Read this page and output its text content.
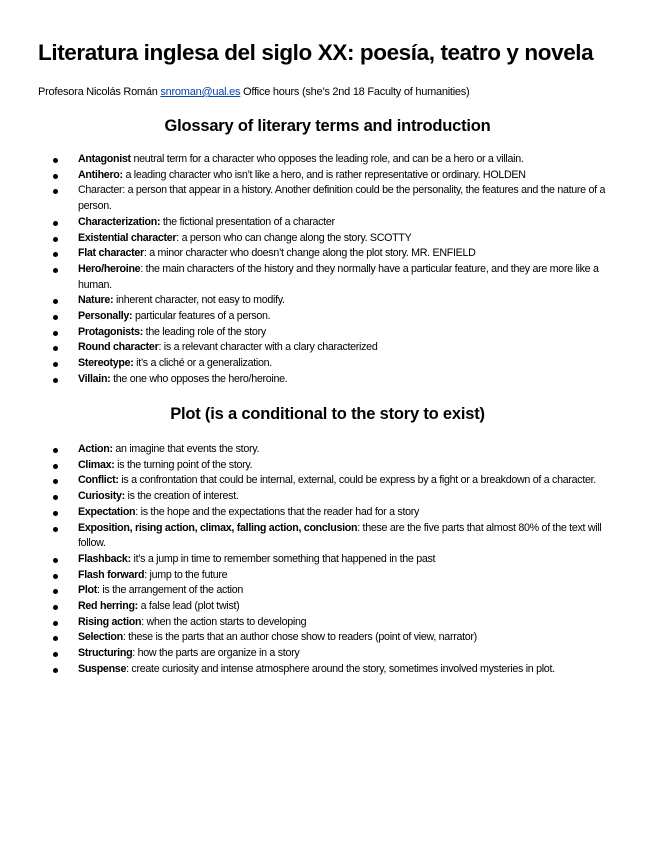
Literatura inglesa del siglo XX: poesía, teatro y novela

Profesora Nicolás Román snroman@ual.es Office hours (she’s 2nd 18 Faculty of humanities)

Glossary of literary terms and introduction
Antagonist neutral term for a character who opposes the leading role, and can be a hero or a villain.
Antihero: a leading character who isn’t like a hero, and is rather representative or ordinary. HOLDEN
Character: a person that appear in a history. Another definition could be the personality, the features and the nature of a person.
Characterization: the fictional presentation of a character
Existential character: a person who can change along the story. SCOTTY
Flat character: a minor character who doesn’t change along the plot story. MR. ENFIELD
Hero/heroine: the main characters of the history and they normally have a particular feature, and they are more like a human.
Nature: inherent character, not easy to modify.
Personally: particular features of a person.
Protagonists: the leading role of the story
Round character: is a relevant character with a clary characterized
Stereotype: it’s a cliché or a generalization.
Villain: the one who opposes the hero/heroine.
Plot (is a conditional to the story to exist)
Action: an imagine that events the story.
Climax: is the turning point of the story.
Conflict: is a confrontation that could be internal, external, could be express by a fight or a breakdown of a character.
Curiosity: is the creation of interest.
Expectation: is the hope and the expectations that the reader had for a story
Exposition, rising action, climax, falling action, conclusion: these are the five parts that almost 80% of the text will follow.
Flashback: it’s a jump in time to remember something that happened in the past
Flash forward: jump to the future
Plot: is the arrangement of the action
Red herring: a false lead (plot twist)
Rising action: when the action starts to developing
Selection: these is the parts that an author chose show to readers (point of view, narrator)
Structuring: how the parts are organize in a story
Suspense: create curiosity and intense atmosphere around the story, sometimes involved mysteries in plot.
